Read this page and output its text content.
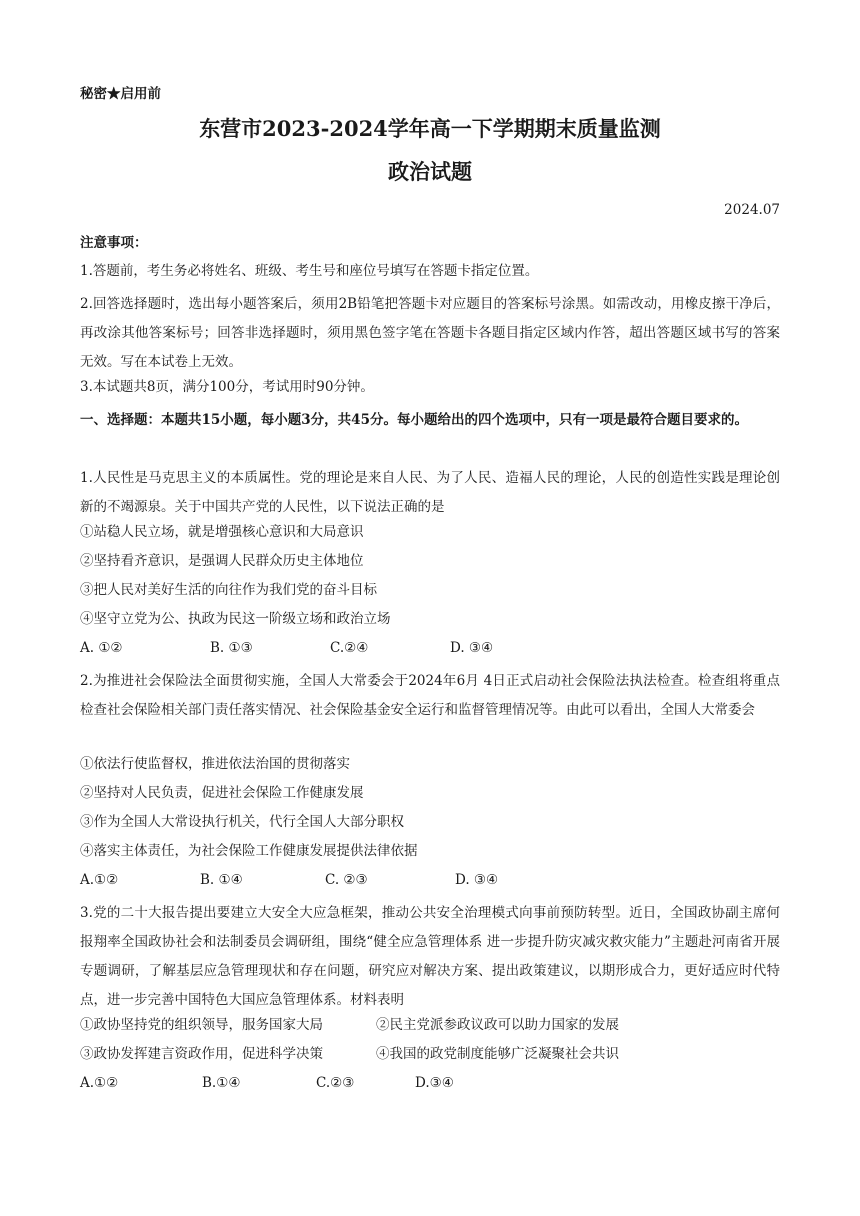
秘密★启用前
东营市2023-2024学年高一下学期期末质量监测
政治试题
2024.07
注意事项：
1.答题前，考生务必将姓名、班级、考生号和座位号填写在答题卡指定位置。
2.回答选择题时，选出每小题答案后，须用2B铅笔把答题卡对应题目的答案标号涂黑。如需改动，用橡皮擦干净后，再改涂其他答案标号；回答非选择题时，须用黑色签字笔在答题卡各题目指定区域内作答，超出答题区域书写的答案无效。写在本试卷上无效。
3.本试题共8页，满分100分，考试用时90分钟。
一、选择题：本题共15小题，每小题3分，共45分。每小题给出的四个选项中，只有一项是最符合题目要求的。
1.人民性是马克思主义的本质属性。党的理论是来自人民、为了人民、造福人民的理论，人民的创造性实践是理论创新的不竭源泉。关于中国共产党的人民性，以下说法正确的是
①站稳人民立场，就是增强核心意识和大局意识
②坚持看齐意识，是强调人民群众历史主体地位
③把人民对美好生活的向往作为我们党的奋斗目标
④坚守立党为公、执政为民这一阶级立场和政治立场
A. ①②	B. ①③	C.②④	D. ③④
2.为推进社会保险法全面贯彻实施，全国人大常委会于2024年6月 4日正式启动社会保险法执法检查。检查组将重点检查社会保险相关部门责任落实情况、社会保险基金安全运行和监督管理情况等。由此可以看出，全国人大常委会
①依法行使监督权，推进依法治国的贯彻落实
②坚持对人民负责，促进社会保险工作健康发展
③作为全国人大常设执行机关，代行全国人大部分职权
④落实主体责任，为社会保险工作健康发展提供法律依据
A.①②	B. ①④	C. ②③	D. ③④
3.党的二十大报告提出要建立大安全大应急框架，推动公共安全治理模式向事前预防转型。近日，全国政协副主席何报翔率全国政协社会和法制委员会调研组，围绕“健全应急管理体系 进一步提升防灾减灾救灾能力”主题赴河南省开展专题调研，了解基层应急管理现状和存在问题，研究应对解决方案、提出政策建议，以期形成合力，更好适应时代特点，进一步完善中国特色大国应急管理体系。材料表明
①政协坚持党的组织领导，服务国家大局	②民主党派参政议政可以助力国家的发展
③政协发挥建言资政作用，促进科学决策	④我国的政党制度能够广泛凝聚社会共识
A.①②	B.①④	C.②③	D.③④
